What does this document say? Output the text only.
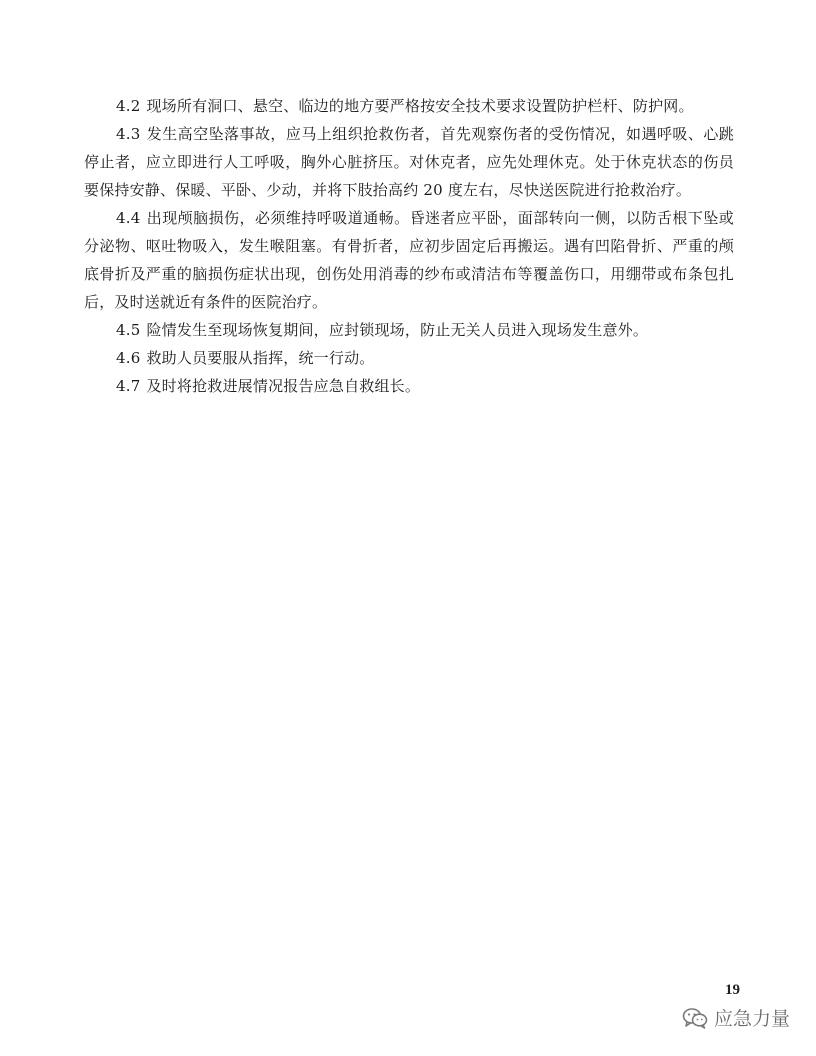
4.2 现场所有洞口、悬空、临边的地方要严格按安全技术要求设置防护栏杆、防护网。

4.3 发生高空坠落事故，应马上组织抢救伤者，首先观察伤者的受伤情况，如遇呼吸、心跳停止者，应立即进行人工呼吸，胸外心脏挤压。对休克者，应先处理休克。处于休克状态的伤员要保持安静、保暖、平卧、少动，并将下肢抬高约 20 度左右，尽快送医院进行抢救治疗。

4.4 出现颅脑损伤，必须维持呼吸道通畅。昏迷者应平卧，面部转向一侧，以防舌根下坠或分泌物、呕吐物吸入，发生喉阻塞。有骨折者，应初步固定后再搬运。遇有凹陷骨折、严重的颅底骨折及严重的脑损伤症状出现，创伤处用消毒的纱布或清洁布等覆盖伤口，用绷带或布条包扎后，及时送就近有条件的医院治疗。

4.5 险情发生至现场恢复期间，应封锁现场，防止无关人员进入现场发生意外。

4.6 救助人员要服从指挥，统一行动。

4.7 及时将抢救进展情况报告应急自救组长。

19
应急力量
